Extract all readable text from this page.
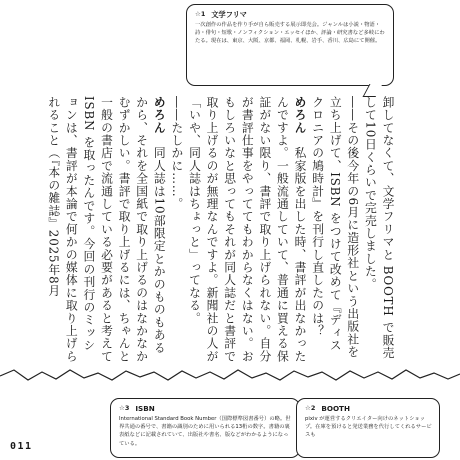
☆1 文学フリマ
一次創作の作品を作り手が自ら販売する展示即売会。ジャンルは小説・物語・詩・俳句・短歌・ノンフィクション・エッセイほか、評論・研究書など多岐にわたる。現在は、東京、大阪、京都、福岡、札幌、岩手、香川、広島にて開催。

卸してなくて、文学フリマと BOOTH で販売して10日くらいで完売しました。

――その後今年の6月に造形社という出版社を立ち上げて、ISBN をつけて改めて『ディスクロニアの鳩時計』を刊行し直したのは？

めろん　私家版を出した時、書評が出なかったんですよ。一般流通していて、普通に買える保証がない限り、書評で取り上げられない。自分が書評仕事をやっててもわからなくはない。おもしろいなと思ってもそれが同人誌だと書評で取り上げるのが無理なんですよ。新聞社の人が「いや、同人誌はちょっと」ってなる。

――たしかに……。

めろん　同人誌は10部限定とかのものもあるから、それを全国紙で取り上げるのはなかなかむずかしい。書評で取り上げるには、ちゃんと一般の書店で流通している必要があると考えてISBN を取ったんです。今回の刊行のミッションは、書評が本論で何かの媒体に取り上げられること（『本の雑誌』2025年8月

☆3 ISBN
International Standard Book Number（国際標準図書番号）の略。世界共通の番号で、書籍の識別のために用いられる13桁の数字。書籍の裏表紙などに記載されていて、出版社や書名、版などがわかるようになっている。
☆2 BOOTH
pixiv が運営するクリエイター向けのネットショップ。在庫を預けると発送業務を代行してくれるサービスも
011
